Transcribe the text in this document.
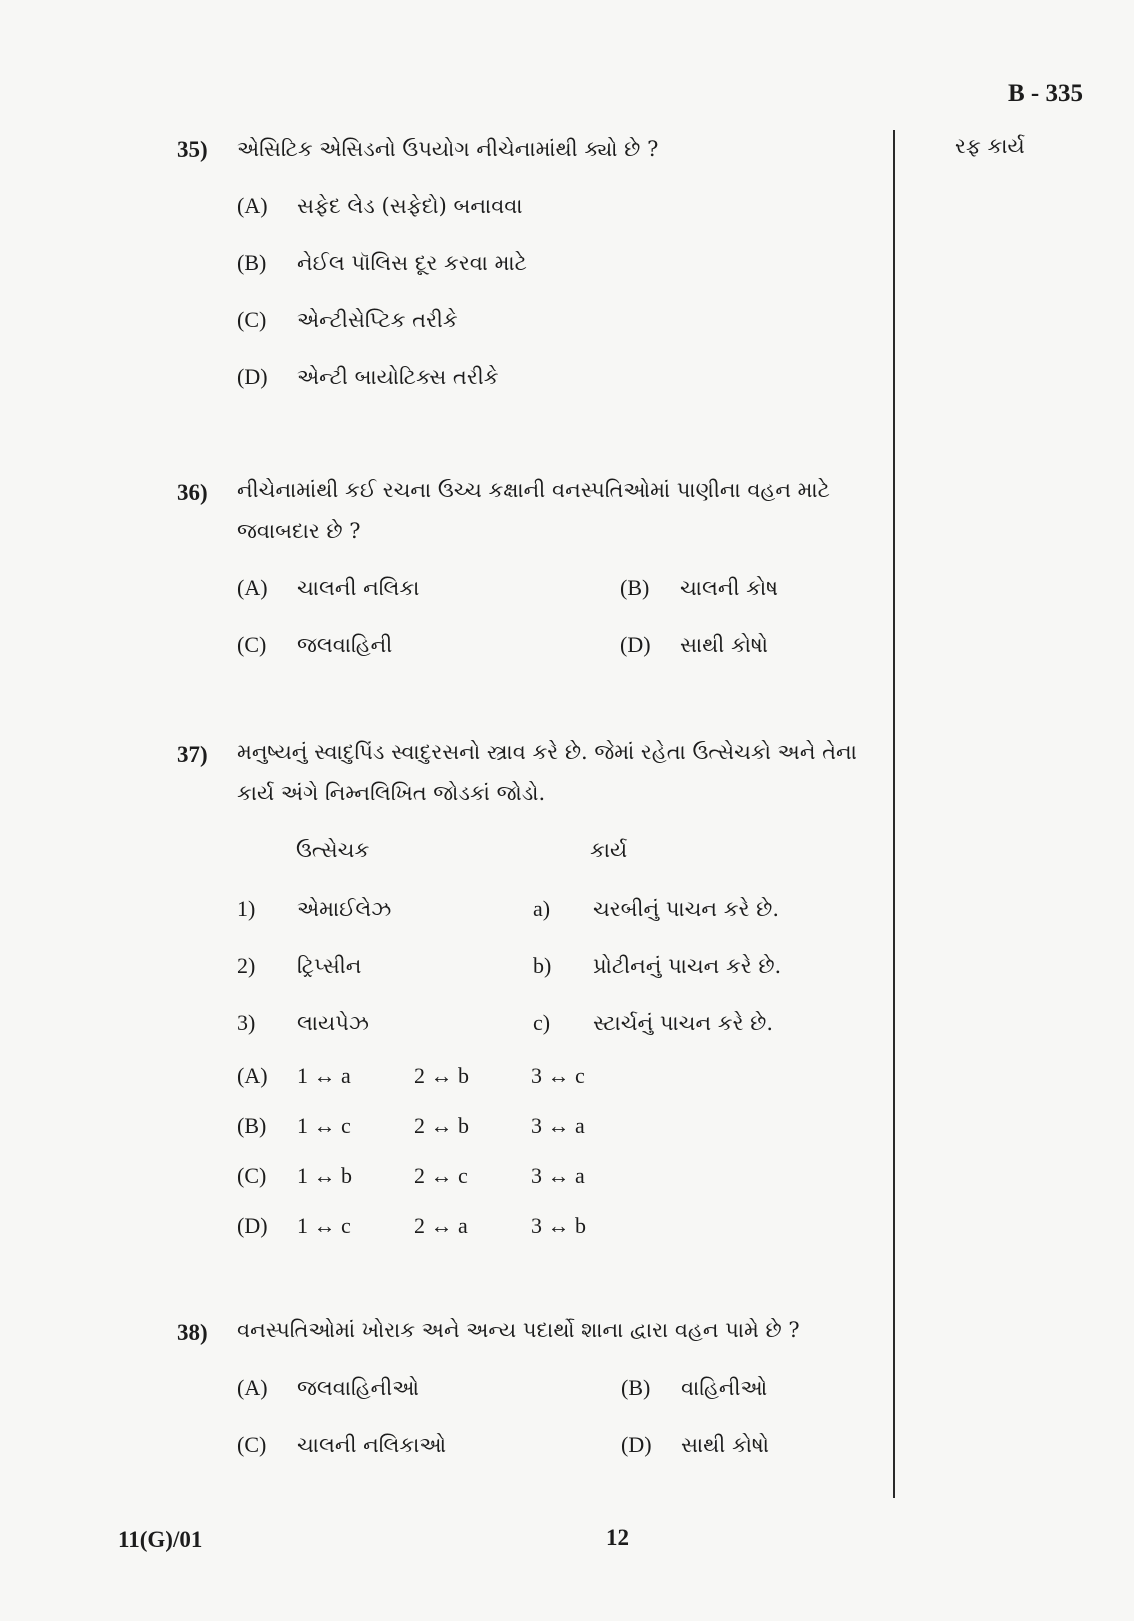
B - 335
રફ કાર્ય
35) એસિટિક એસિડનો ઉપયોગ નીચેનામાંથી ક્યો છે ?
(A) સફેદ લેડ (સફેદો) બનાવવા
(B) નેઈલ પૉલિસ દૂર કરવા માટે
(C) એન્ટીસેપ્ટિક તરીકે
(D) એન્ટી બાયોટિક્સ તરીકે
36) નીચેનામાંથી કઈ રચના ઉચ્ચ કક્ષાની વનસ્પતિઓમાં પાણીના વહન માટે
જવાબદાર છે ?
(A) ચાલની નલિકા	(B) ચાલની કોષ
(C) જલવાહિની	(D) સાથી કોષો
37) મનુષ્યનું સ્વાદુપિંડ સ્વાદુરસનો સ્ત્રાવ કરે છે. જેમાં રહેતા ઉત્સેચકો અને તેના
કાર્ય અંગે નિમ્નલિખિત જોડકાં જોડો.
ઉત્સેચક	કાર્ય
1) એમાઈલેઝ	a) ચરબીનું પાચન કરે છે.
2) ટ્રિપ્સીન	b) પ્રોટીનનું પાચન કરે છે.
3) લાયપેઝ	c) સ્ટાર્ચનું પાચન કરે છે.
(A) 1 ↔ a	2 ↔ b	3 ↔ c
(B) 1 ↔ c	2 ↔ b	3 ↔ a
(C) 1 ↔ b	2 ↔ c	3 ↔ a
(D) 1 ↔ c	2 ↔ a	3 ↔ b
38) વનસ્પતિઓમાં ખોરાક અને અન્ય પદાર્થો શાના દ્વારા વહન પામે છે ?
(A) જલવાહિનીઓ	(B) વાહિનીઓ
(C) ચાલની નલિકાઓ	(D) સાથી કોષો
11(G)/01	12
